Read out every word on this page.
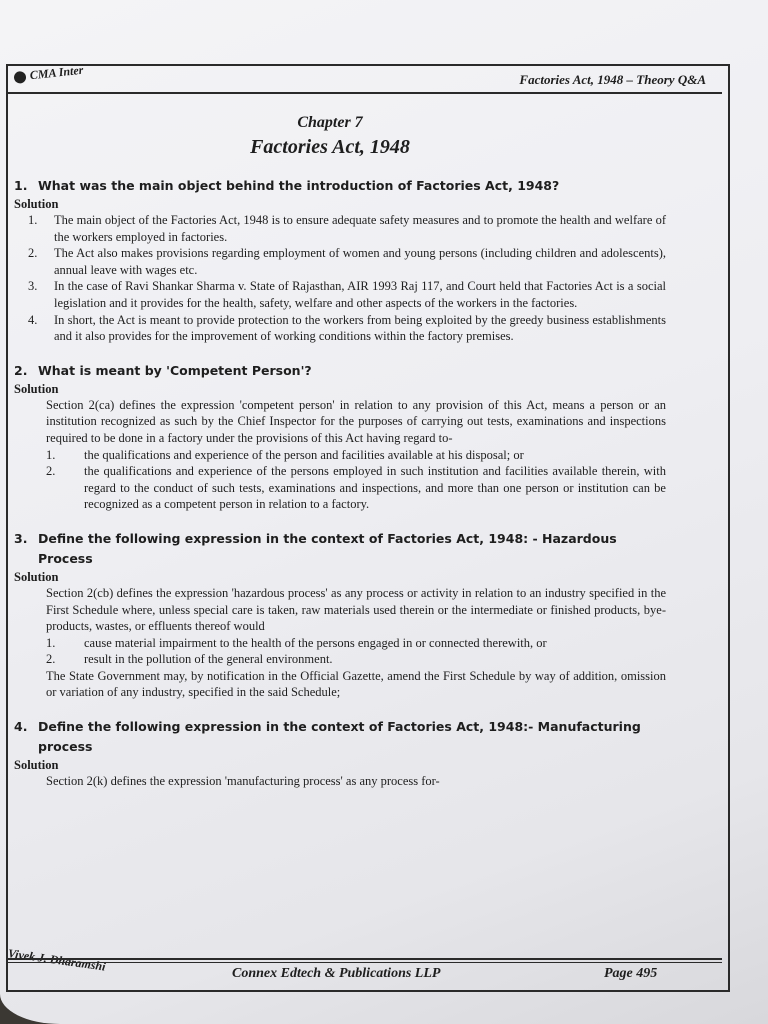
CMA Inter	Factories Act, 1948 – Theory Q&A
Chapter 7
Factories Act, 1948
1. What was the main object behind the introduction of Factories Act, 1948?
Solution
1.	The main object of the Factories Act, 1948 is to ensure adequate safety measures and to promote the health and welfare of the workers employed in factories.
2.	The Act also makes provisions regarding employment of women and young persons (including children and adolescents), annual leave with wages etc.
3.	In the case of Ravi Shankar Sharma v. State of Rajasthan, AIR 1993 Raj 117, and Court held that Factories Act is a social legislation and it provides for the health, safety, welfare and other aspects of the workers in the factories.
4.	In short, the Act is meant to provide protection to the workers from being exploited by the greedy business establishments and it also provides for the improvement of working conditions within the factory premises.
2. What is meant by 'Competent Person'?
Solution
Section 2(ca) defines the expression 'competent person' in relation to any provision of this Act, means a person or an institution recognized as such by the Chief Inspector for the purposes of carrying out tests, examinations and inspections required to be done in a factory under the provisions of this Act having regard to-
1.	the qualifications and experience of the person and facilities available at his disposal; or
2.	the qualifications and experience of the persons employed in such institution and facilities available therein, with regard to the conduct of such tests, examinations and inspections, and more than one person or institution can be recognized as a competent person in relation to a factory.
3. Define the following expression in the context of Factories Act, 1948: - Hazardous Process
Solution
Section 2(cb) defines the expression 'hazardous process' as any process or activity in relation to an industry specified in the First Schedule where, unless special care is taken, raw materials used therein or the intermediate or finished products, bye-products, wastes, or effluents thereof would
1.	cause material impairment to the health of the persons engaged in or connected therewith, or
2.	result in the pollution of the general environment.
The State Government may, by notification in the Official Gazette, amend the First Schedule by way of addition, omission or variation of any industry, specified in the said Schedule;
4. Define the following expression in the context of Factories Act, 1948:- Manufacturing process
Solution
Section 2(k) defines the expression 'manufacturing process' as any process for-
Vivek J. Dharamshi	Connex Edtech & Publications LLP	Page 495
